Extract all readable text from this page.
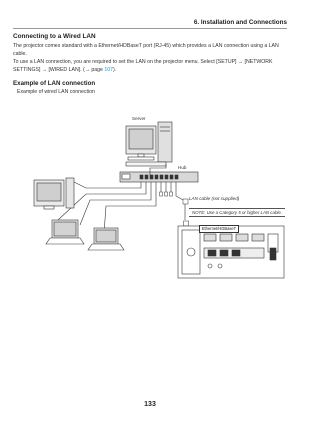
6. Installation and Connections
Connecting to a Wired LAN
The projector comes standard with a Ethernet/HDBaseT port (RJ-45) which provides a LAN connection using a LAN cable.
To use a LAN connection, you are required to set the LAN on the projector menu. Select [SETUP] → [NETWORK SETTINGS] → [WIRED LAN]. (→ page 107).
Example of LAN connection
Example of wired LAN connection
Server
Hub
LAN cable (not supplied)
NOTE: Use a Category 5 or higher LAN cable.
Ethernet/HDBaseT
133
